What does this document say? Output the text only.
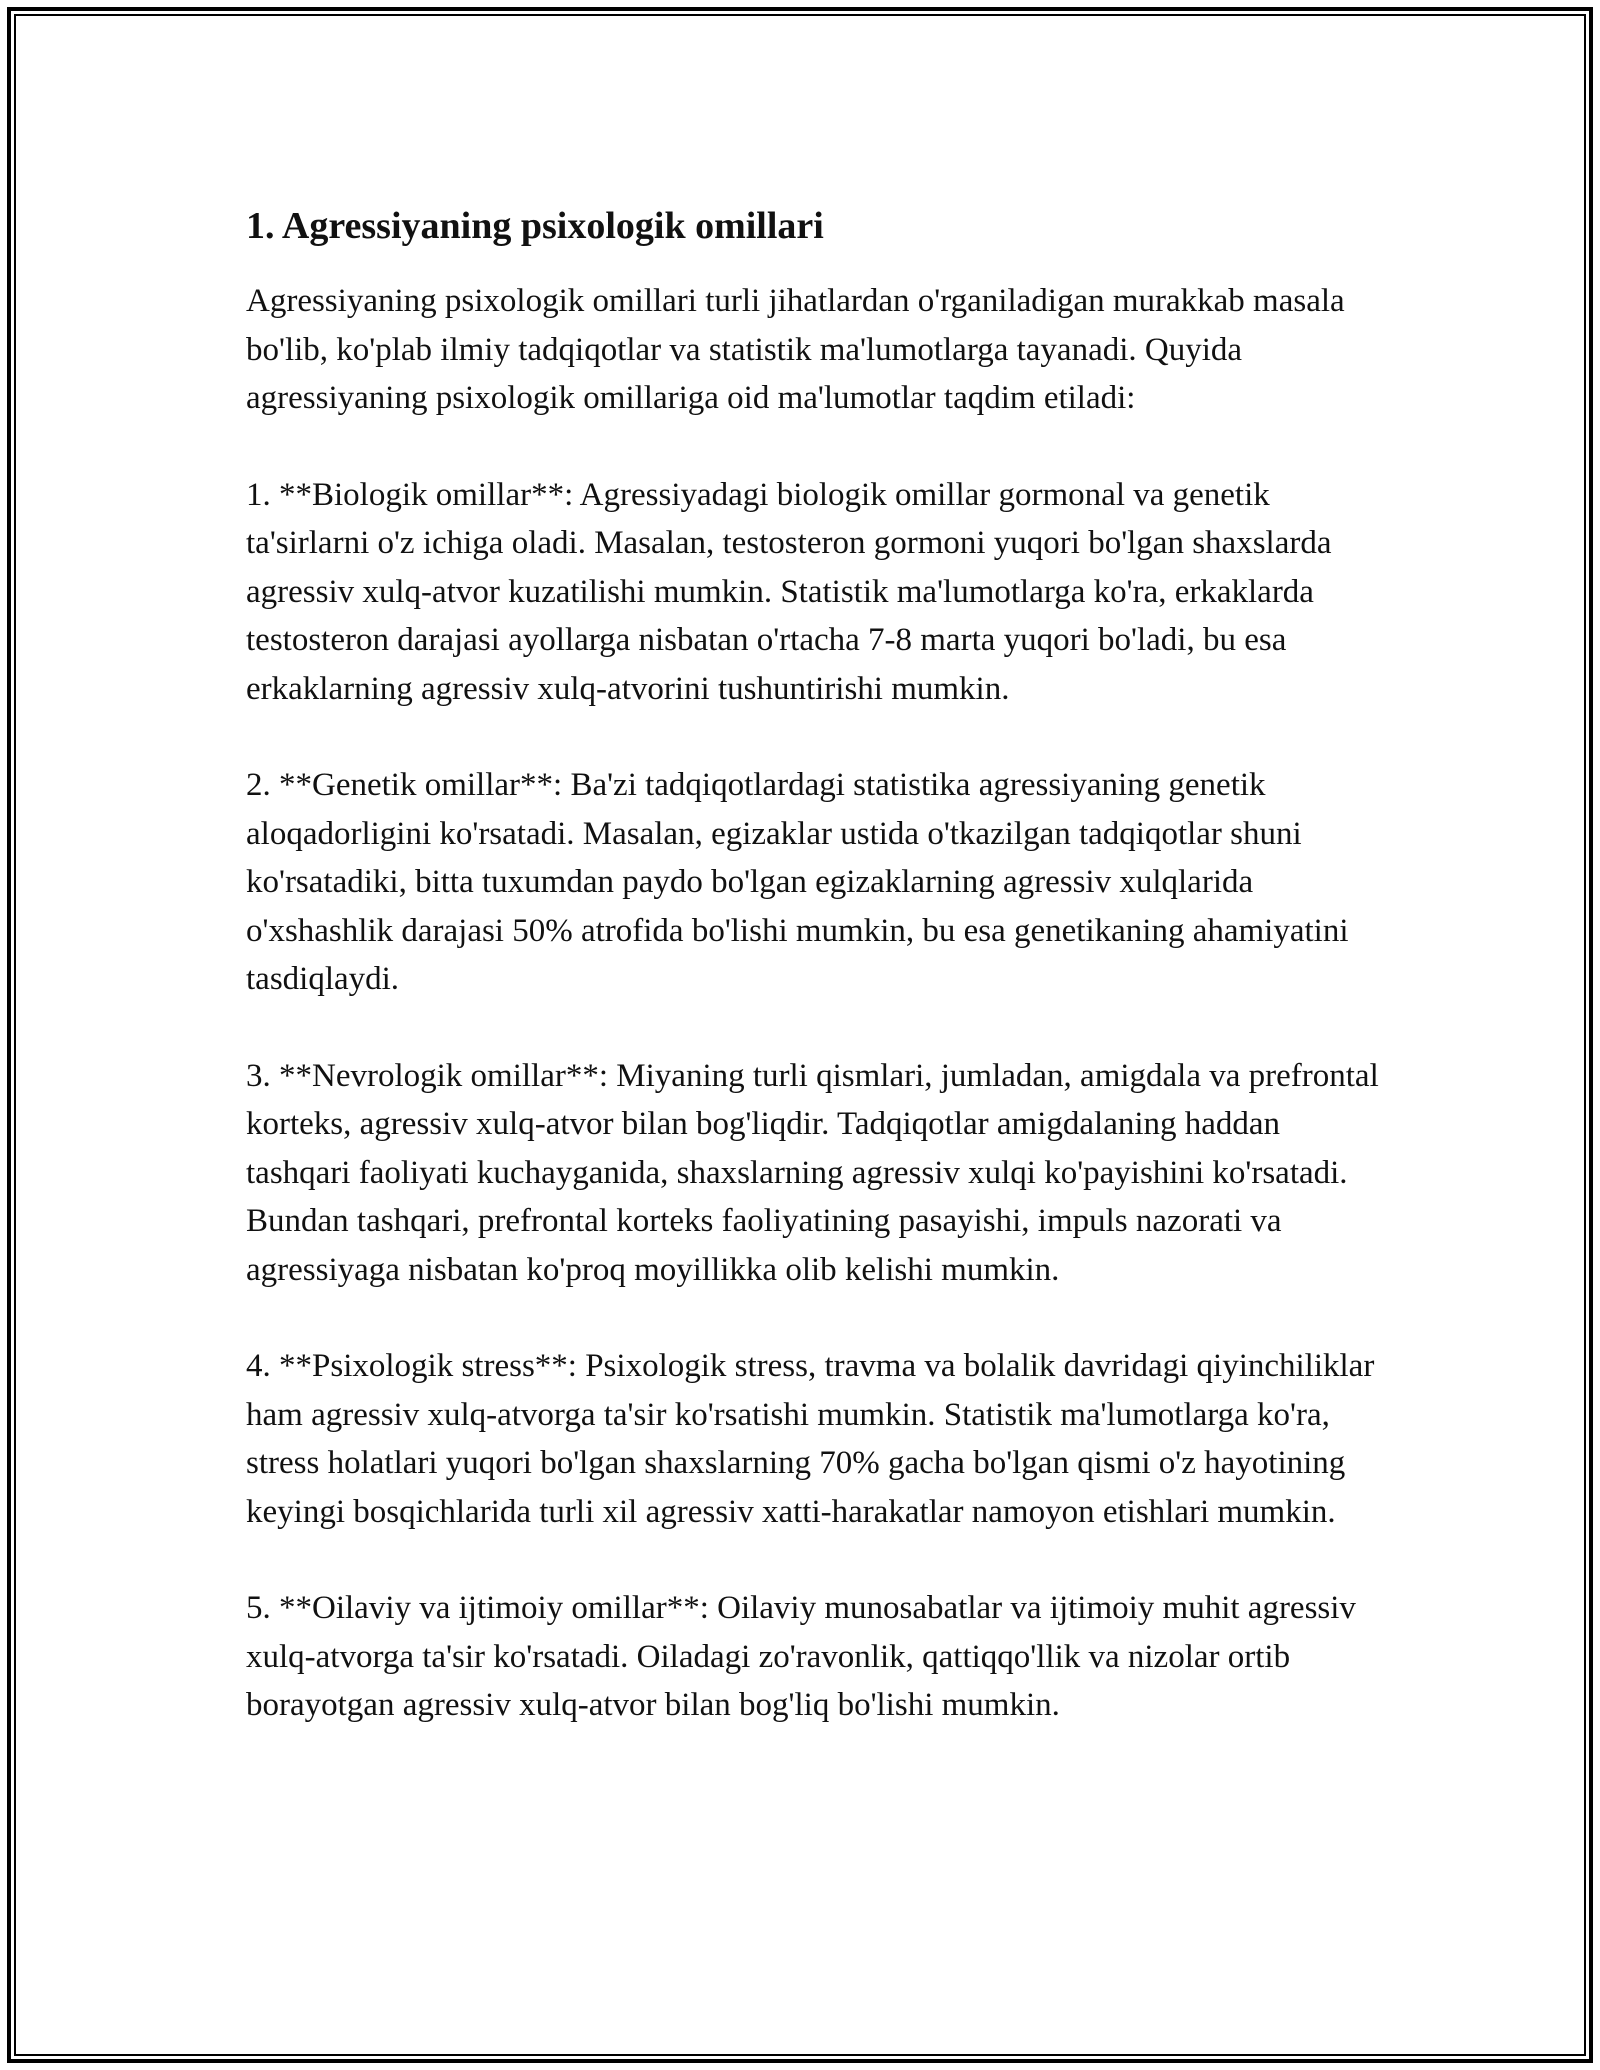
1. Agressiyaning psixologik omillari

Agressiyaning psixologik omillari turli jihatlardan o'rganiladigan murakkab masala bo'lib, ko'plab ilmiy tadqiqotlar va statistik ma'lumotlarga tayanadi. Quyida agressiyaning psixologik omillariga oid ma'lumotlar taqdim etiladi:

1. **Biologik omillar**: Agressiyadagi biologik omillar gormonal va genetik ta'sirlarni o'z ichiga oladi. Masalan, testosteron gormoni yuqori bo'lgan shaxslarda agressiv xulq-atvor kuzatilishi mumkin. Statistik ma'lumotlarga ko'ra, erkaklarda testosteron darajasi ayollarga nisbatan o'rtacha 7-8 marta yuqori bo'ladi, bu esa erkaklarning agressiv xulq-atvorini tushuntirishi mumkin.

2. **Genetik omillar**: Ba'zi tadqiqotlardagi statistika agressiyaning genetik aloqadorligini ko'rsatadi. Masalan, egizaklar ustida o'tkazilgan tadqiqotlar shuni ko'rsatadiki, bitta tuxumdan paydo bo'lgan egizaklarning agressiv xulqlarida o'xshashlik darajasi 50% atrofida bo'lishi mumkin, bu esa genetikaning ahamiyatini tasdiqlaydi.

3. **Nevrologik omillar**: Miyaning turli qismlari, jumladan, amigdala va prefrontal korteks, agressiv xulq-atvor bilan bog'liqdir. Tadqiqotlar amigdalaning haddan tashqari faoliyati kuchayganida, shaxslarning agressiv xulqi ko'payishini ko'rsatadi. Bundan tashqari, prefrontal korteks faoliyatining pasayishi, impuls nazorati va agressiyaga nisbatan ko'proq moyillikka olib kelishi mumkin.

4. **Psixologik stress**: Psixologik stress, travma va bolalik davridagi qiyinchiliklar ham agressiv xulq-atvorga ta'sir ko'rsatishi mumkin. Statistik ma'lumotlarga ko'ra, stress holatlari yuqori bo'lgan shaxslarning 70% gacha bo'lgan qismi o'z hayotining keyingi bosqichlarida turli xil agressiv xatti-harakatlar namoyon etishlari mumkin.

5. **Oilaviy va ijtimoiy omillar**: Oilaviy munosabatlar va ijtimoiy muhit agressiv xulq-atvorga ta'sir ko'rsatadi. Oiladagi zo'ravonlik, qattiqqo'llik va nizolar ortib borayotgan agressiv xulq-atvor bilan bog'liq bo'lishi mumkin.
